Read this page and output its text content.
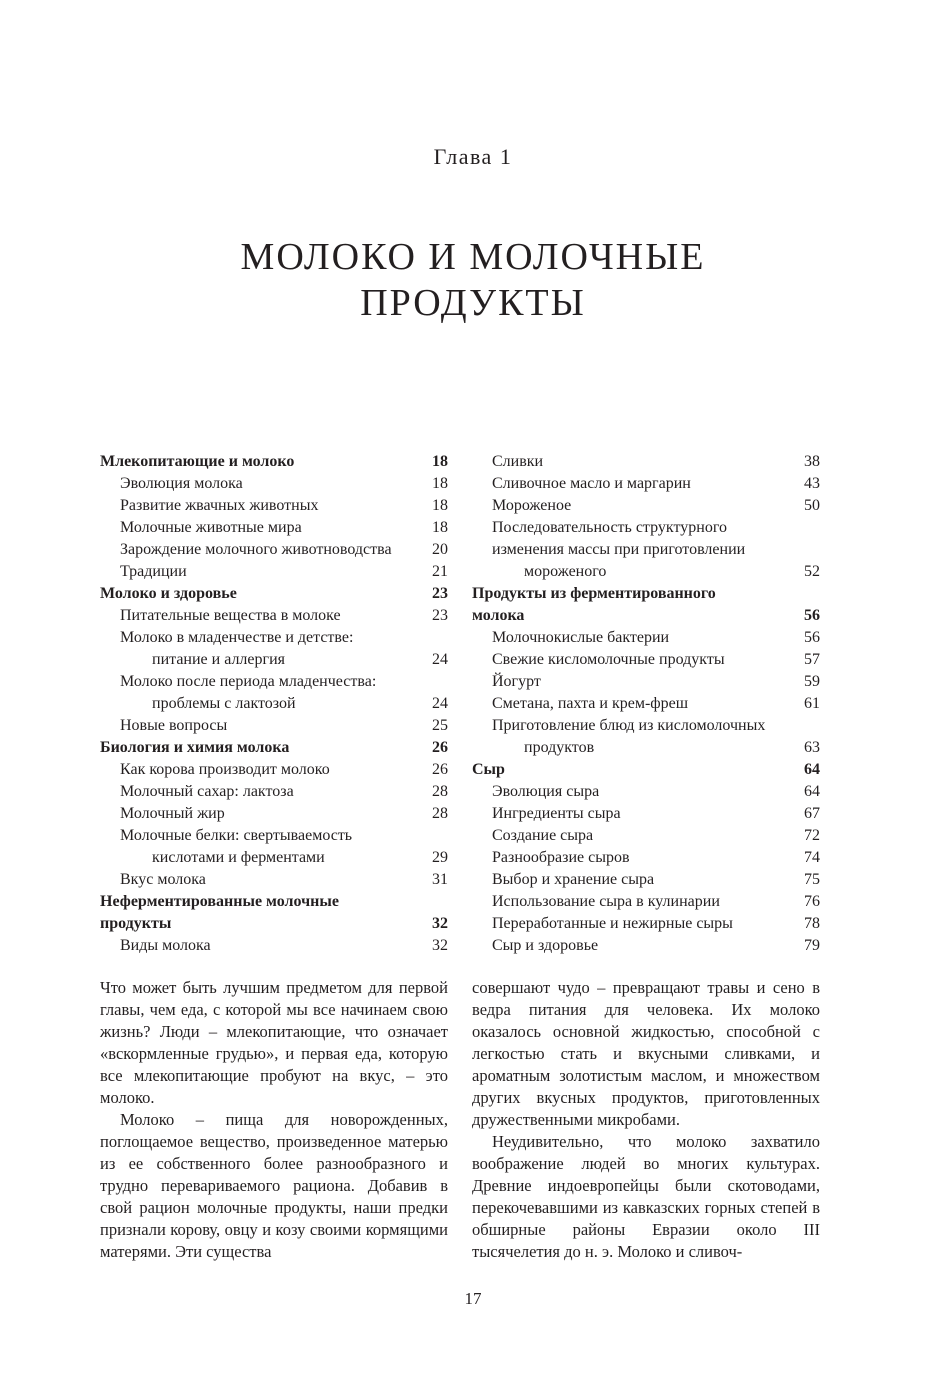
Глава 1
МОЛОКО И МОЛОЧНЫЕ
ПРОДУКТЫ
Млекопитающие и молоко	18
Эволюция молока	18
Развитие жвачных животных	18
Молочные животные мира	18
Зарождение молочного животноводства	20
Традиции	21
Молоко и здоровье	23
Питательные вещества в молоке	23
Молоко в младенчестве и детстве:
питание и аллергия	24
Молоко после периода младенчества:
проблемы с лактозой	24
Новые вопросы	25
Биология и химия молока	26
Как корова производит молоко	26
Молочный сахар: лактоза	28
Молочный жир	28
Молочные белки: свертываемость
кислотами и ферментами	29
Вкус молока	31
Неферментированные молочные
продукты	32
Виды молока	32
Сливки	38
Сливочное масло и маргарин	43
Мороженое	50
Последовательность структурного
изменения массы при приготовлении
мороженого	52
Продукты из ферментированного
молока	56
Молочнокислые бактерии	56
Свежие кисломолочные продукты	57
Йогурт	59
Сметана, пахта и крем-фреш	61
Приготовление блюд из кисломолочных
продуктов	63
Сыр	64
Эволюция сыра	64
Ингредиенты сыра	67
Создание сыра	72
Разнообразие сыров	74
Выбор и хранение сыра	75
Использование сыра в кулинарии	76
Переработанные и нежирные сыры	78
Сыр и здоровье	79

Что может быть лучшим предметом для первой главы, чем еда, с которой мы все начинаем свою жизнь? Люди – млекопитающие, что означает «вскормленные грудью», и первая еда, которую все млекопитающие пробуют на вкус, – это молоко.

Молоко – пища для новорожденных, поглощаемое вещество, произведенное матерью из ее собственного более разнообразного и трудно перевариваемого рациона. Добавив в свой рацион молочные продукты, наши предки признали корову, овцу и козу своими кормящими матерями. Эти существа

совершают чудо – превращают травы и сено в ведра питания для человека. Их молоко оказалось основной жидкостью, способной с легкостью стать и вкусными сливками, и ароматным золотистым маслом, и множеством других вкусных продуктов, приготовленных дружественными микробами.

Неудивительно, что молоко захватило воображение людей во многих культурах. Древние индоевропейцы были скотоводами, перекочевавшими из кавказских горных степей в обширные районы Евразии около III тысячелетия до н. э. Молоко и сливоч-

17
